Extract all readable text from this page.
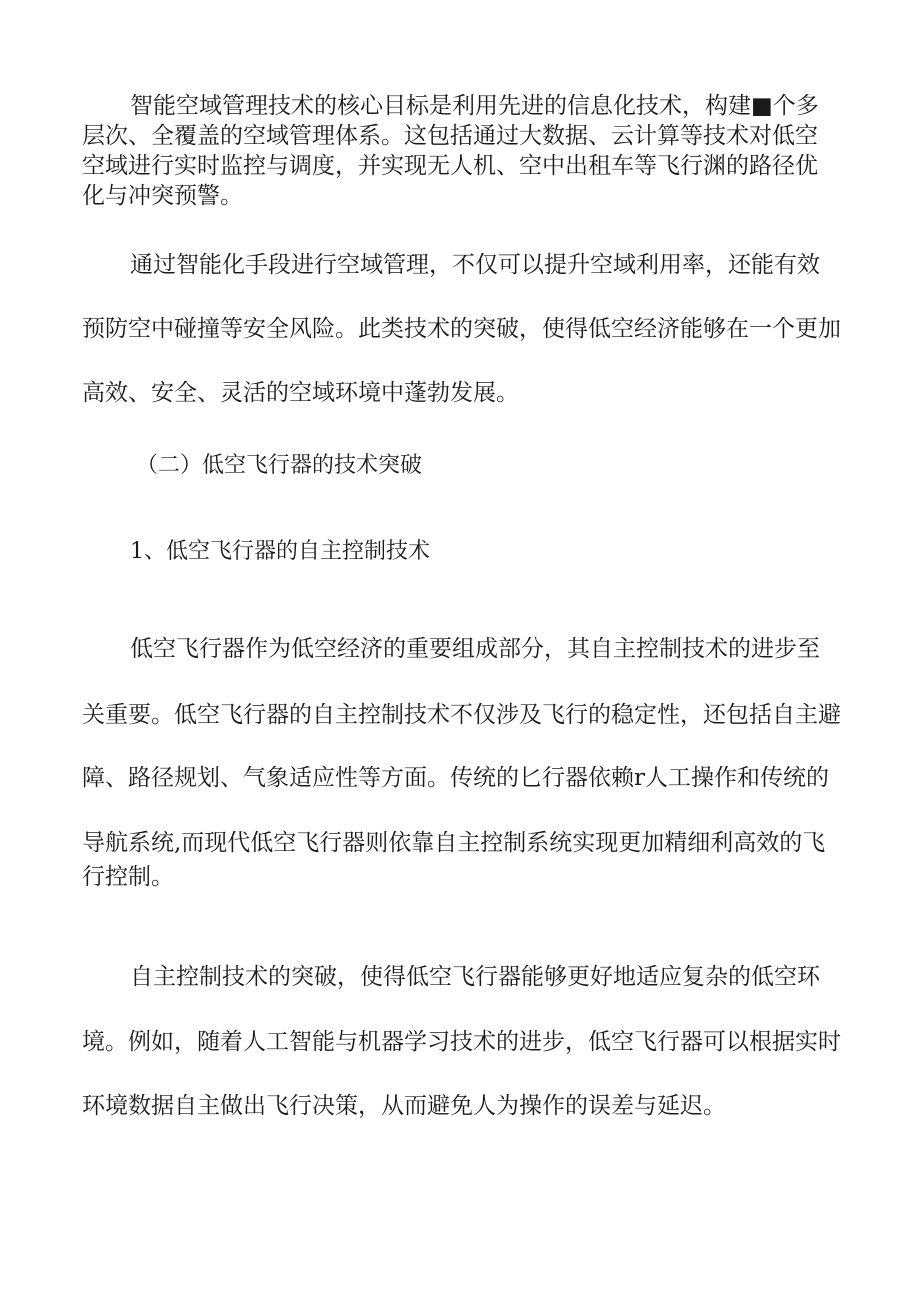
智能空域管理技术的核心目标是利用先进的信息化技术，构建■个多
层次、全覆盖的空域管理体系。这包括通过大数据、云计算等技术对低空
空域进行实时监控与调度，并实现无人机、空中出租车等飞行渊的路径优
化与冲突预警。
通过智能化手段进行空域管理，不仅可以提升空域利用率，还能有效
预防空中碰撞等安全风险。此类技术的突破，使得低空经济能够在一个更加
高效、安全、灵活的空域环境中蓬勃发展。
（二）低空飞行器的技术突破
1、低空飞行器的自主控制技术
低空飞行器作为低空经济的重要组成部分，其自主控制技术的进步至
关重要。低空飞行器的自主控制技术不仅涉及飞行的稳定性，还包括自主避
障、路径规划、气象适应性等方面。传统的匕行器依赖r人工操作和传统的
导航系统,而现代低空飞行器则依靠自主控制系统实现更加精细利高效的飞
行控制。
自主控制技术的突破，使得低空飞行器能够更好地适应复杂的低空环
境。例如，随着人工智能与机器学习技术的进步，低空飞行器可以根据实时
环境数据自主做出飞行决策，从而避免人为操作的误差与延迟。
